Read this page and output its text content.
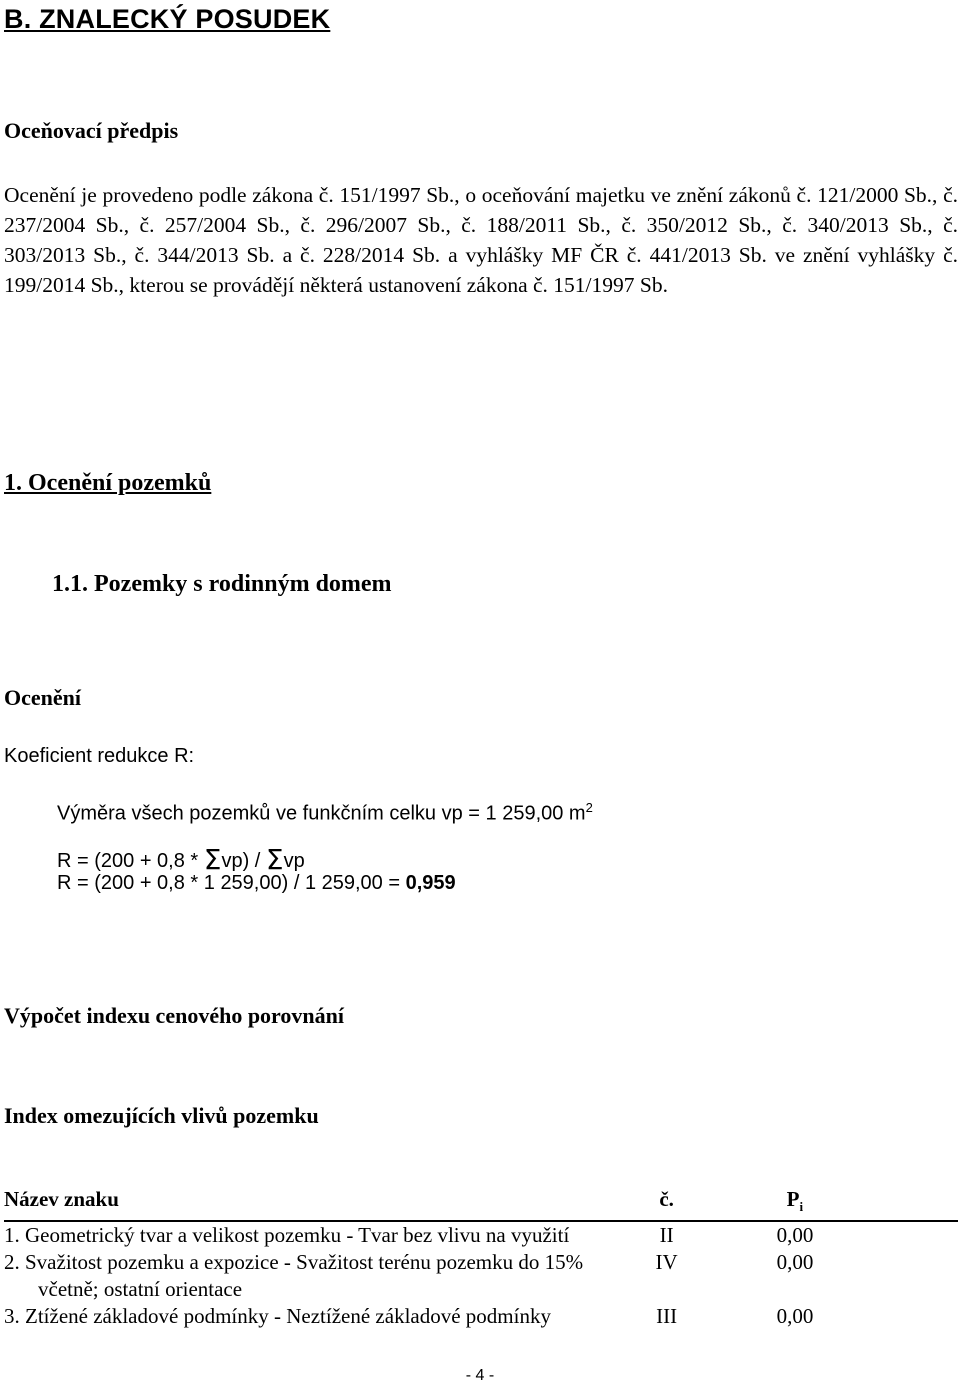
B. ZNALECKÝ POSUDEK
Oceňovací předpis
Ocenění je provedeno podle zákona č. 151/1997 Sb., o oceňování majetku ve znění zákonů č. 121/2000 Sb., č. 237/2004 Sb., č. 257/2004 Sb., č. 296/2007 Sb., č. 188/2011 Sb., č. 350/2012 Sb., č. 340/2013 Sb., č. 303/2013 Sb., č. 344/2013 Sb. a č. 228/2014 Sb. a vyhlášky MF ČR č. 441/2013 Sb. ve znění vyhlášky č. 199/2014 Sb., kterou se provádějí některá ustanovení zákona č. 151/1997 Sb.
1. Ocenění pozemků
1.1. Pozemky s rodinným domem
Ocenění
Koeficient redukce R:
Výměra všech pozemků ve funkčním celku vp = 1 259,00 $m^2$
R = (200 + 0,8 * Σvp) / Σvp
R = (200 + 0,8 * 1 259,00) / 1 259,00 = 0,959
Výpočet indexu cenového porovnání
Index omezujících vlivů pozemku
Název znaku	č.	$P_i$
1. Geometrický tvar a velikost pozemku - Tvar bez vlivu na využití	II	0,00
2. Svažitost pozemku a expozice - Svažitost terénu pozemku do 15%
včetně; ostatní orientace	IV	0,00
3. Ztížené základové podmínky - Neztížené základové podmínky	III	0,00
- 4 -
